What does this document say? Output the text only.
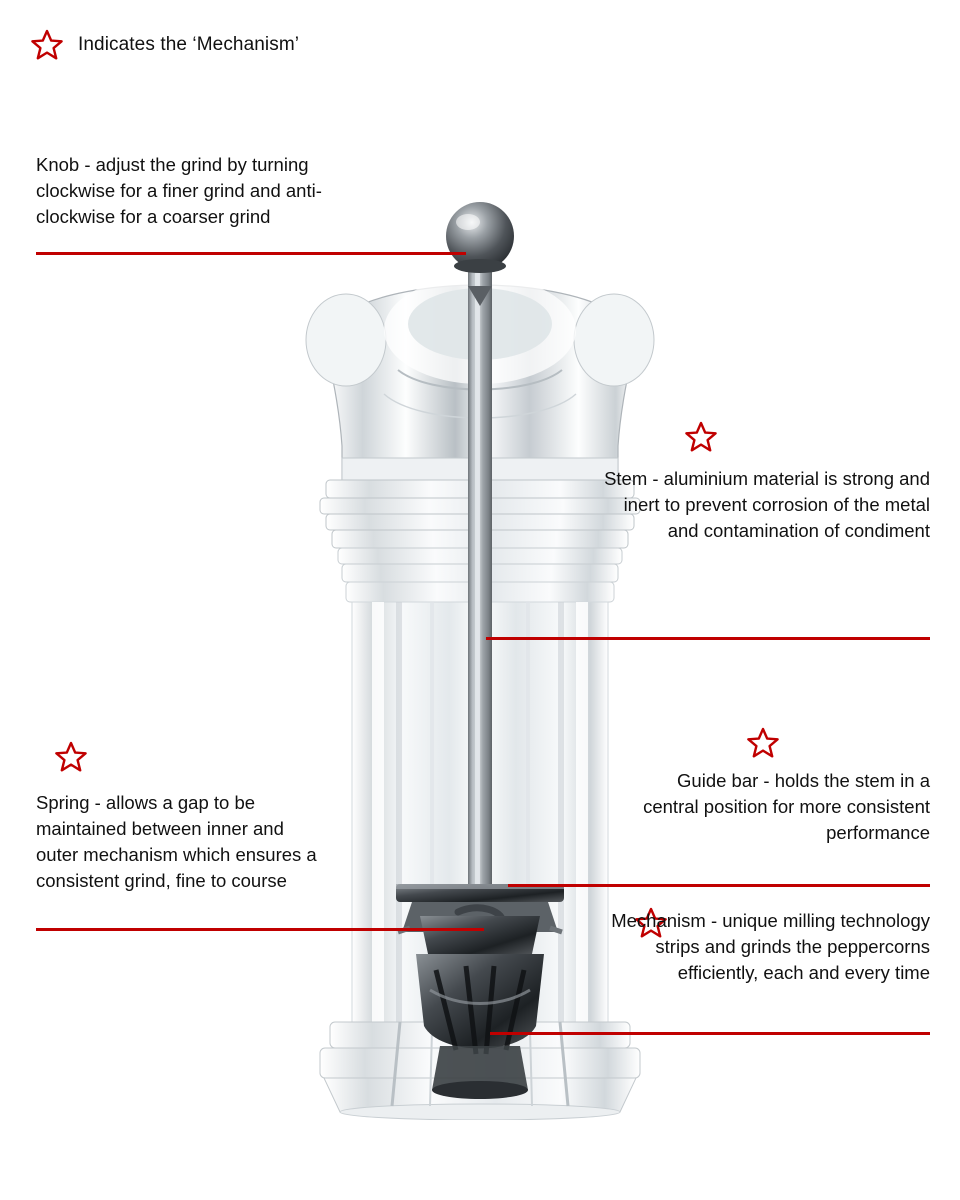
Indicates the ‘Mechanism’
Knob - adjust the grind by turning clockwise for a finer grind and anti-clockwise for a coarser grind
Stem - aluminium material is strong and inert to prevent corrosion of the metal and contamination of condiment
Spring - allows a gap to be maintained between inner and outer mechanism which ensures a consistent grind, fine to course
Guide bar - holds the stem in a central position for more consistent performance
Mechanism - unique milling technology strips and grinds the peppercorns efficiently, each and every time
